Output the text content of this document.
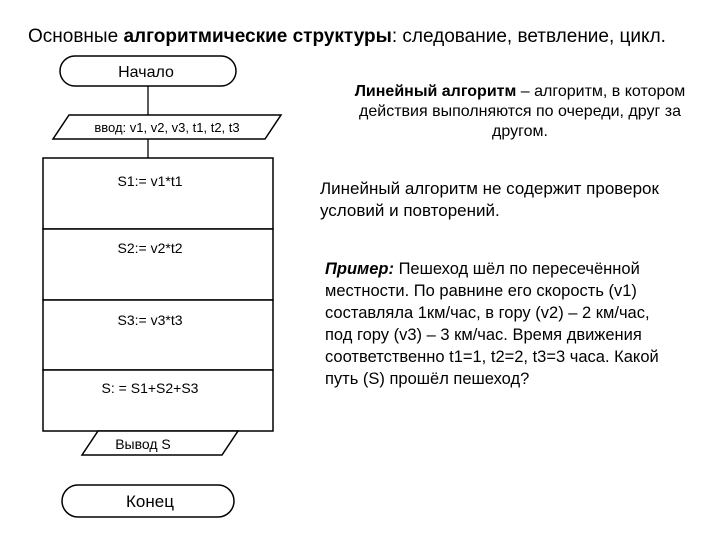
Основные алгоритмические структуры: следование, ветвление, цикл.
Начало
ввод: v1, v2, v3, t1, t2, t3
S1:= v1*t1
S2:= v2*t2
S3:= v3*t3
S: = S1+S2+S3
Вывод S
Конец
Линейный алгоритм – алгоритм, в котором действия выполняются по очереди, друг за другом.
Линейный алгоритм не содержит проверок условий и повторений.
Пример: Пешеход шёл по пересечённой местности. По равнине его скорость (v1) составляла 1км/час, в гору (v2) – 2 км/час, под гору (v3) – 3 км/час. Время движения соответственно t1=1, t2=2, t3=3 часа. Какой путь (S) прошёл пешеход?
